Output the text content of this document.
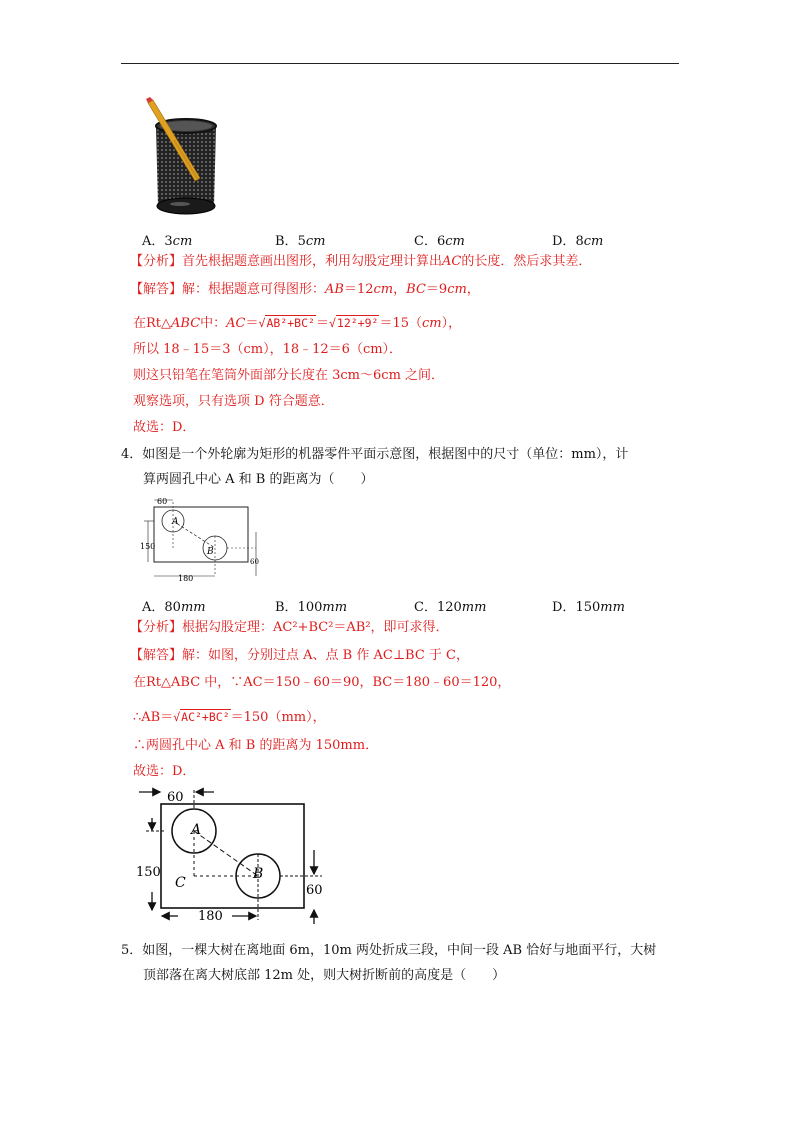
A．3cm	B．5cm	C．6cm	D．8cm
【分析】首先根据题意画出图形，利用勾股定理计算出AC的长度．然后求其差．
【解答】解：根据题意可得图形：AB＝12cm，BC＝9cm，
在Rt△ABC中：AC＝√AB²+BC²＝√12²+9²＝15（cm），
所以 18﹣15＝3（cm），18﹣12＝6（cm）．
则这只铅笔在笔筒外面部分长度在 3cm～6cm 之间．
观察选项，只有选项 D 符合题意．
故选：D．
4．如图是一个外轮廓为矩形的机器零件平面示意图，根据图中的尺寸（单位：mm），计
算两圆孔中心 A 和 B 的距离为（　　）
60
150
180
60
A
B
A．80mm	B．100mm	C．120mm	D．150mm
【分析】根据勾股定理：AC²+BC²＝AB²，即可求得．
【解答】解：如图，分别过点 A、点 B 作 AC⊥BC 于 C，
在Rt△ABC 中，∵AC＝150﹣60＝90，BC＝180﹣60＝120，
∴AB＝√AC²+BC²＝150（mm），
∴两圆孔中心 A 和 B 的距离为 150mm．
故选：D．
60
150
180
60
A
B
C
5．如图，一棵大树在离地面 6m，10m 两处折成三段，中间一段 AB 恰好与地面平行，大树
顶部落在离大树底部 12m 处，则大树折断前的高度是（　　）
